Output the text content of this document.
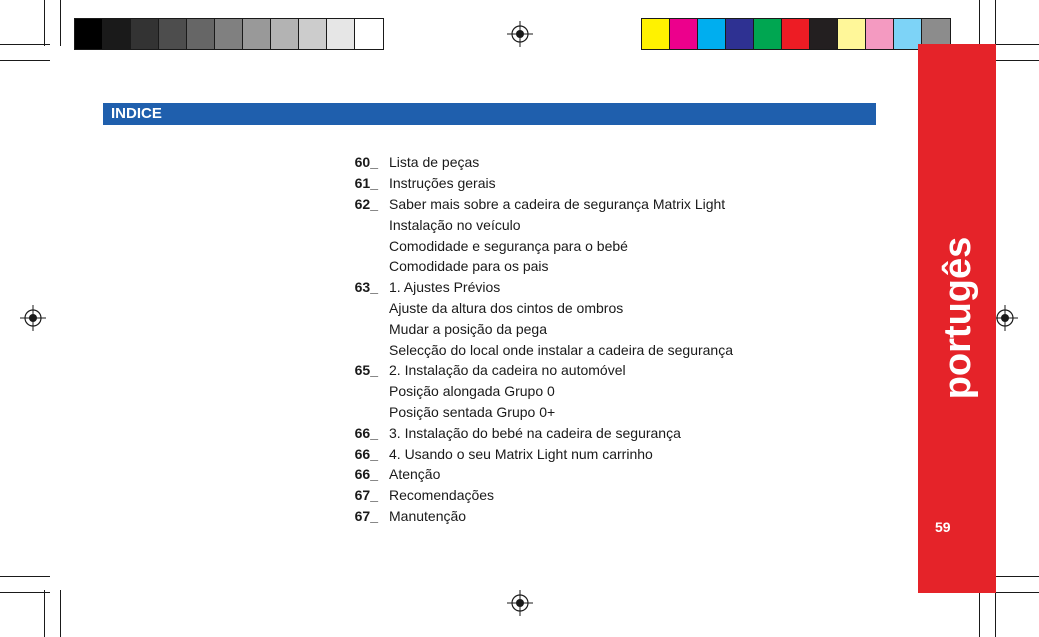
INDICE
portugês
59
60_ Lista de peças
61_ Instruções gerais
62_ Saber mais sobre a cadeira de segurança Matrix Light
Instalação no veículo
Comodidade e segurança para o bebé
Comodidade para os pais
63_ 1. Ajustes Prévios
Ajuste da altura dos cintos de ombros
Mudar a posição da pega
Selecção do local onde instalar a cadeira de segurança
65_ 2. Instalação da cadeira no automóvel
Posição alongada Grupo 0
Posição sentada Grupo 0+
66_ 3. Instalação do bebé na cadeira de segurança
66_ 4. Usando o seu Matrix Light num carrinho
66_ Atenção
67_ Recomendações
67_ Manutenção
